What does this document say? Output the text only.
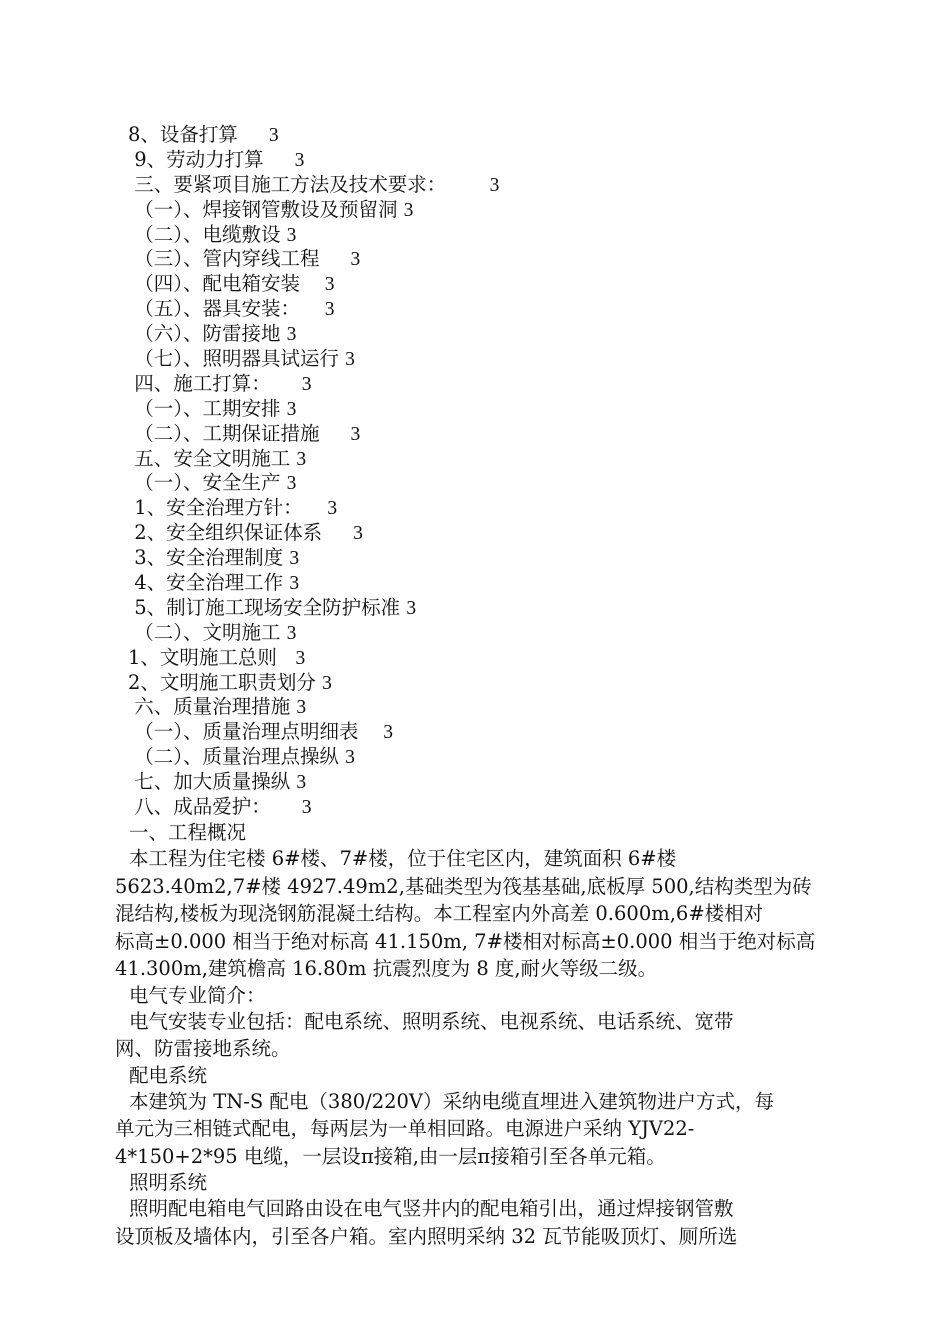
8、设备打算 3
9、劳动力打算 3
三、要紧项目施工方法及技术要求： 3
（一）、焊接钢管敷设及预留洞 3
（二）、电缆敷设 3
（三）、管内穿线工程 3
（四）、配电箱安装 3
（五）、器具安装： 3
（六）、防雷接地 3
（七）、照明器具试运行 3
四、施工打算： 3
（一）、工期安排 3
（二）、工期保证措施 3
五、安全文明施工 3
（一）、安全生产 3
1、安全治理方针： 3
2、安全组织保证体系 3
3、安全治理制度 3
4、安全治理工作 3
5、制订施工现场安全防护标准 3
（二）、文明施工 3
1、文明施工总则 3
2、文明施工职责划分 3
六、质量治理措施 3
（一）、质量治理点明细表 3
（二）、质量治理点操纵 3
七、加大质量操纵 3
八、成品爱护： 3
一、工程概况
本工程为住宅楼 6#楼、7#楼，位于住宅区内，建筑面积 6#楼
5623.40m2,7#楼 4927.49m2,基础类型为筏基基础,底板厚 500,结构类型为砖
混结构,楼板为现浇钢筋混凝土结构。本工程室内外高差 0.600m,6#楼相对
标高±0.000 相当于绝对标高 41.150m, 7#楼相对标高±0.000 相当于绝对标高
41.300m,建筑檐高 16.80m 抗震烈度为 8 度,耐火等级二级。
电气专业简介：
电气安装专业包括：配电系统、照明系统、电视系统、电话系统、宽带
网、防雷接地系统。
配电系统
本建筑为 TN-S 配电（380/220V）采纳电缆直埋进入建筑物进户方式，每
单元为三相链式配电，每两层为一单相回路。电源进户采纳 YJV22-
4*150+2*95 电缆，一层设π接箱,由一层π接箱引至各单元箱。
照明系统
照明配电箱电气回路由设在电气竖井内的配电箱引出，通过焊接钢管敷
设顶板及墙体内，引至各户箱。室内照明采纳 32 瓦节能吸顶灯、厕所选
